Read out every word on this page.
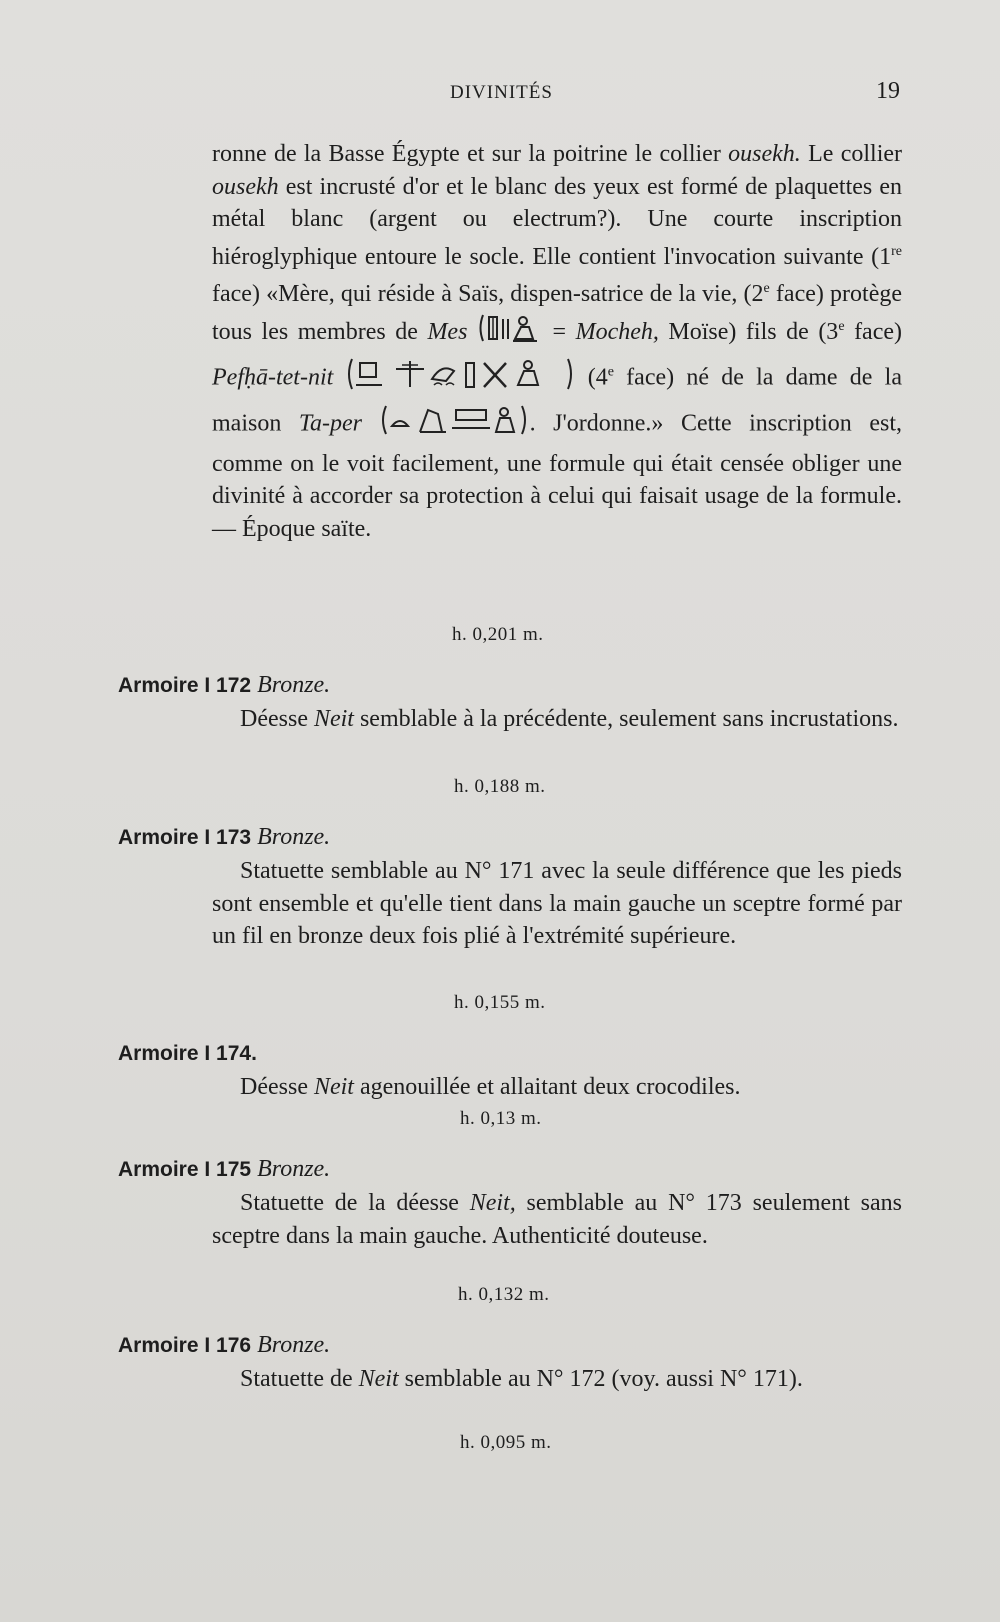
DIVINITÉS	19

ronne de la Basse Égypte et sur la poitrine le collier ousekh. Le collier ousekh est incrusté d'or et le blanc des yeux est formé de plaquettes en métal blanc (argent ou electrum?). Une courte inscription hiéroglyphique entoure le socle. Elle contient l'invocation suivante (1re face) «Mère, qui réside à Saïs, dispen-satrice de la vie, (2e face) protège tous les membres de Mes	= Mocheh, Moïse) fils de (3e face) Pefḥā-tet-nit	(4e face) né de la dame de la maison Ta-per	. J'ordonne.» Cette inscription est, comme on le voit facilement, une formule qui était censée obliger une divinité à accorder sa protection à celui qui faisait usage de la formule. — Époque saïte.

h. 0,201 m.
Armoire I 172 Bronze.

Déesse Neit semblable à la précédente, seulement sans incrustations.

h. 0,188 m.
Armoire I 173 Bronze.

Statuette semblable au N° 171 avec la seule différence que les pieds sont ensemble et qu'elle tient dans la main gauche un sceptre formé par un fil en bronze deux fois plié à l'extrémité supérieure.

h. 0,155 m.
Armoire I 174.

Déesse Neit agenouillée et allaitant deux crocodiles.

h. 0,13 m.
Armoire I 175 Bronze.

Statuette de la déesse Neit, semblable au N° 173 seulement sans sceptre dans la main gauche. Authenticité douteuse.

h. 0,132 m.
Armoire I 176 Bronze.

Statuette de Neit semblable au N° 172 (voy. aussi N° 171).

h. 0,095 m.
